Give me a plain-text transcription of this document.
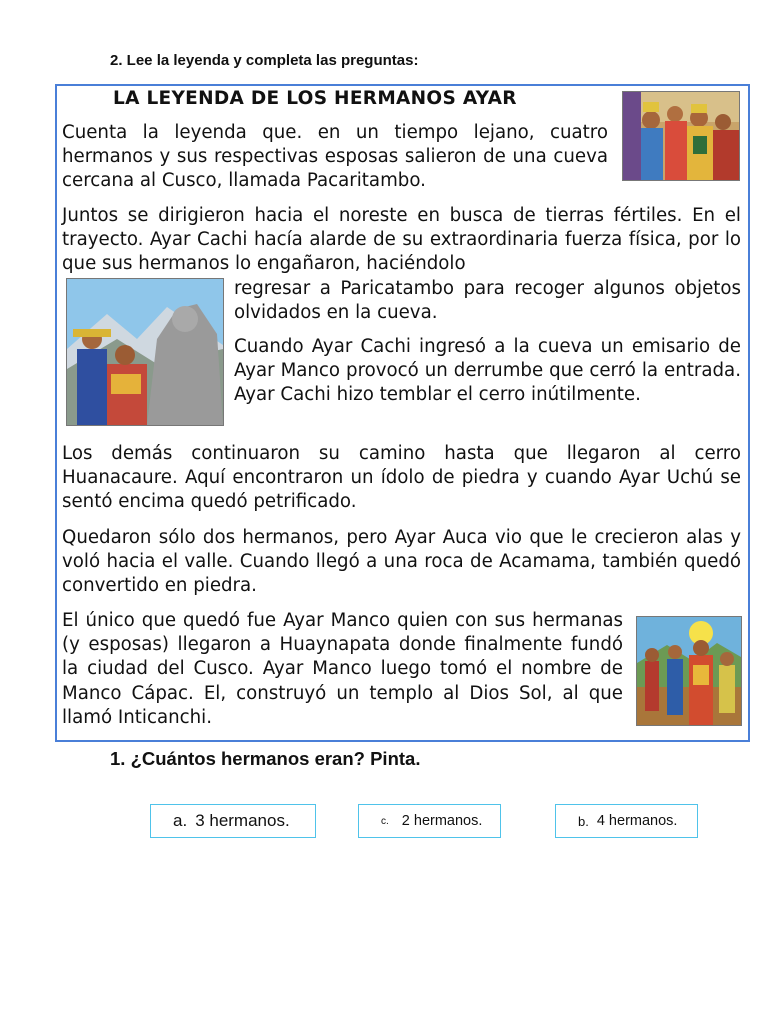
2. Lee la leyenda y completa las preguntas:
LA LEYENDA DE LOS HERMANOS AYAR
Cuenta la leyenda que. en un tiempo lejano, cuatro hermanos y sus respectivas esposas salieron de una cueva cercana al Cusco, llamada Pacaritambo.
Juntos se dirigieron hacia el noreste en busca de tierras fértiles. En el trayecto. Ayar Cachi hacía alarde de su extraordinaria fuerza física, por lo que sus hermanos lo engañaron, haciéndolo
regresar a Paricatambo para recoger algunos objetos olvidados en la cueva.
Cuando Ayar Cachi ingresó a la cueva un emisario de Ayar Manco provocó un derrumbe que cerró la entrada. Ayar Cachi hizo temblar el cerro inútilmente.
Los demás continuaron su camino hasta que llegaron al cerro Huanacaure. Aquí encontraron un ídolo de piedra y cuando Ayar Uchú se sentó encima quedó petrificado.
Quedaron sólo dos hermanos, pero Ayar Auca vio que le crecieron alas y voló hacia el valle. Cuando llegó a una roca de Acamama, también quedó convertido en piedra.
El único que quedó fue Ayar Manco quien con sus hermanas (y esposas) llegaron a Huaynapata donde finalmente fundó la ciudad del Cusco. Ayar Manco luego tomó el nombre de Manco Cápac. El, construyó un templo al Dios Sol, al que llamó Inticanchi.
1. ¿Cuántos hermanos eran? Pinta.
a. 3 hermanos.	c. 2 hermanos.	b. 4 hermanos.
